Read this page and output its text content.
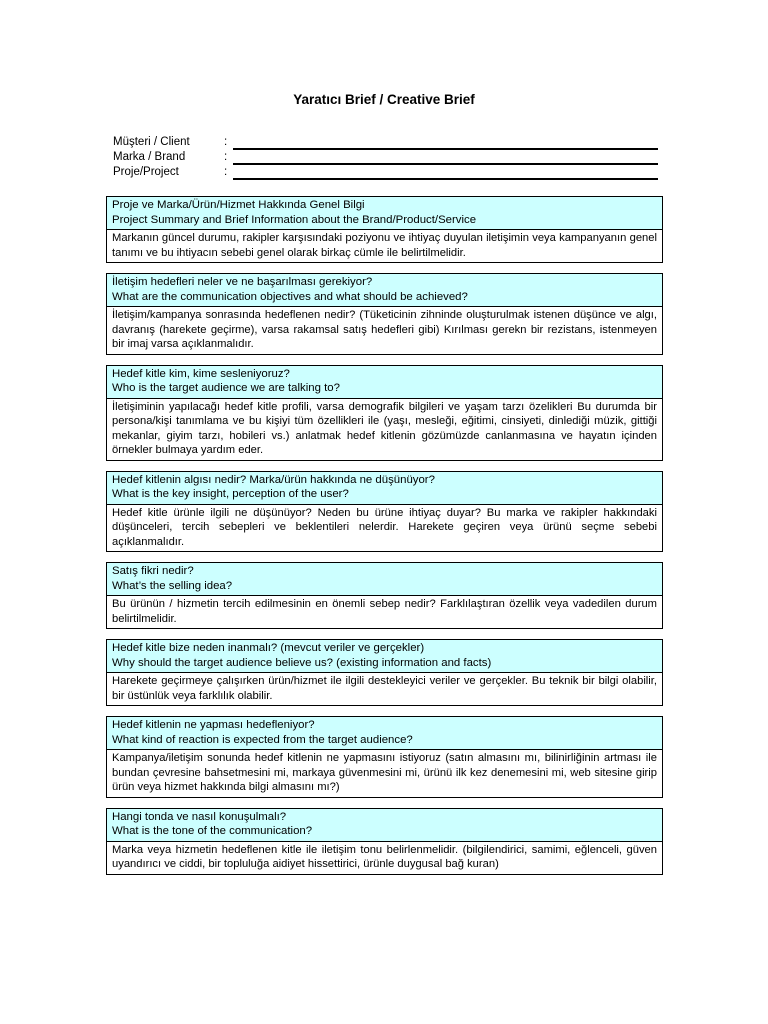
Yaratıcı Brief / Creative Brief
Müşteri / Client	:
Marka / Brand	:
Proje/Project	:
Proje ve Marka/Ürün/Hizmet Hakkında Genel Bilgi
Project Summary and Brief Information about the Brand/Product/Service
Markanın güncel durumu, rakipler karşısındaki poziyonu ve ihtiyaç duyulan iletişimin veya kampanyanın genel tanımı ve bu ihtiyacın sebebi genel olarak birkaç cümle ile belirtilmelidir.
İletişim hedefleri neler ve ne başarılması gerekiyor?
What are the communication objectives and what should be achieved?
İletişim/kampanya sonrasında hedeflenen nedir? (Tüketicinin zihninde oluşturulmak istenen düşünce ve algı, davranış (harekete geçirme), varsa rakamsal satış hedefleri gibi) Kırılması gerekn bir rezistans, istenmeyen bir imaj varsa açıklanmalıdır.
Hedef kitle kim, kime sesleniyoruz?
Who is the target audience we are talking to?
İletişiminin yapılacağı hedef kitle profili, varsa demografik bilgileri ve yaşam tarzı özelikleri Bu durumda bir persona/kişi tanımlama ve bu kişiyi tüm özellikleri ile (yaşı, mesleği, eğitimi, cinsiyeti, dinlediği müzik, gittiği mekanlar, giyim tarzı, hobileri vs.) anlatmak hedef kitlenin gözümüzde canlanmasına ve hayatın içinden örnekler bulmaya yardım eder.
Hedef kitlenin algısı nedir? Marka/ürün hakkında ne düşünüyor?
What is the key insight, perception of the user?
Hedef kitle ürünle ilgili ne düşünüyor? Neden bu ürüne ihtiyaç duyar? Bu marka ve rakipler hakkındaki düşünceleri, tercih sebepleri ve beklentileri nelerdir. Harekete geçiren veya ürünü seçme sebebi açıklanmalıdır.
Satış fikri nedir?
What’s the selling idea?
Bu ürünün / hizmetin tercih edilmesinin en önemli sebep nedir? Farklılaştıran özellik veya vadedilen durum belirtilmelidir.
Hedef kitle bize neden inanmalı? (mevcut veriler ve gerçekler)
Why should the target audience believe us? (existing information and facts)
Harekete geçirmeye çalışırken ürün/hizmet ile ilgili destekleyici veriler ve gerçekler. Bu teknik bir bilgi olabilir, bir üstünlük veya farklılık olabilir.
Hedef kitlenin ne yapması hedefleniyor?
What kind of reaction is expected from the target audience?
Kampanya/iletişim sonunda hedef kitlenin ne yapmasını istiyoruz (satın almasını mı, bilinirliğinin artması ile bundan çevresine bahsetmesini mi, markaya güvenmesini mi, ürünü ilk kez denemesini mi, web sitesine girip ürün veya hizmet hakkında bilgi almasını mı?)
Hangi tonda ve nasıl konuşulmalı?
What is the tone of the communication?
Marka veya hizmetin hedeflenen kitle ile iletişim tonu belirlenmelidir. (bilgilendirici, samimi, eğlenceli, güven uyandırıcı ve ciddi, bir topluluğa aidiyet hissettirici, ürünle duygusal bağ kuran)
